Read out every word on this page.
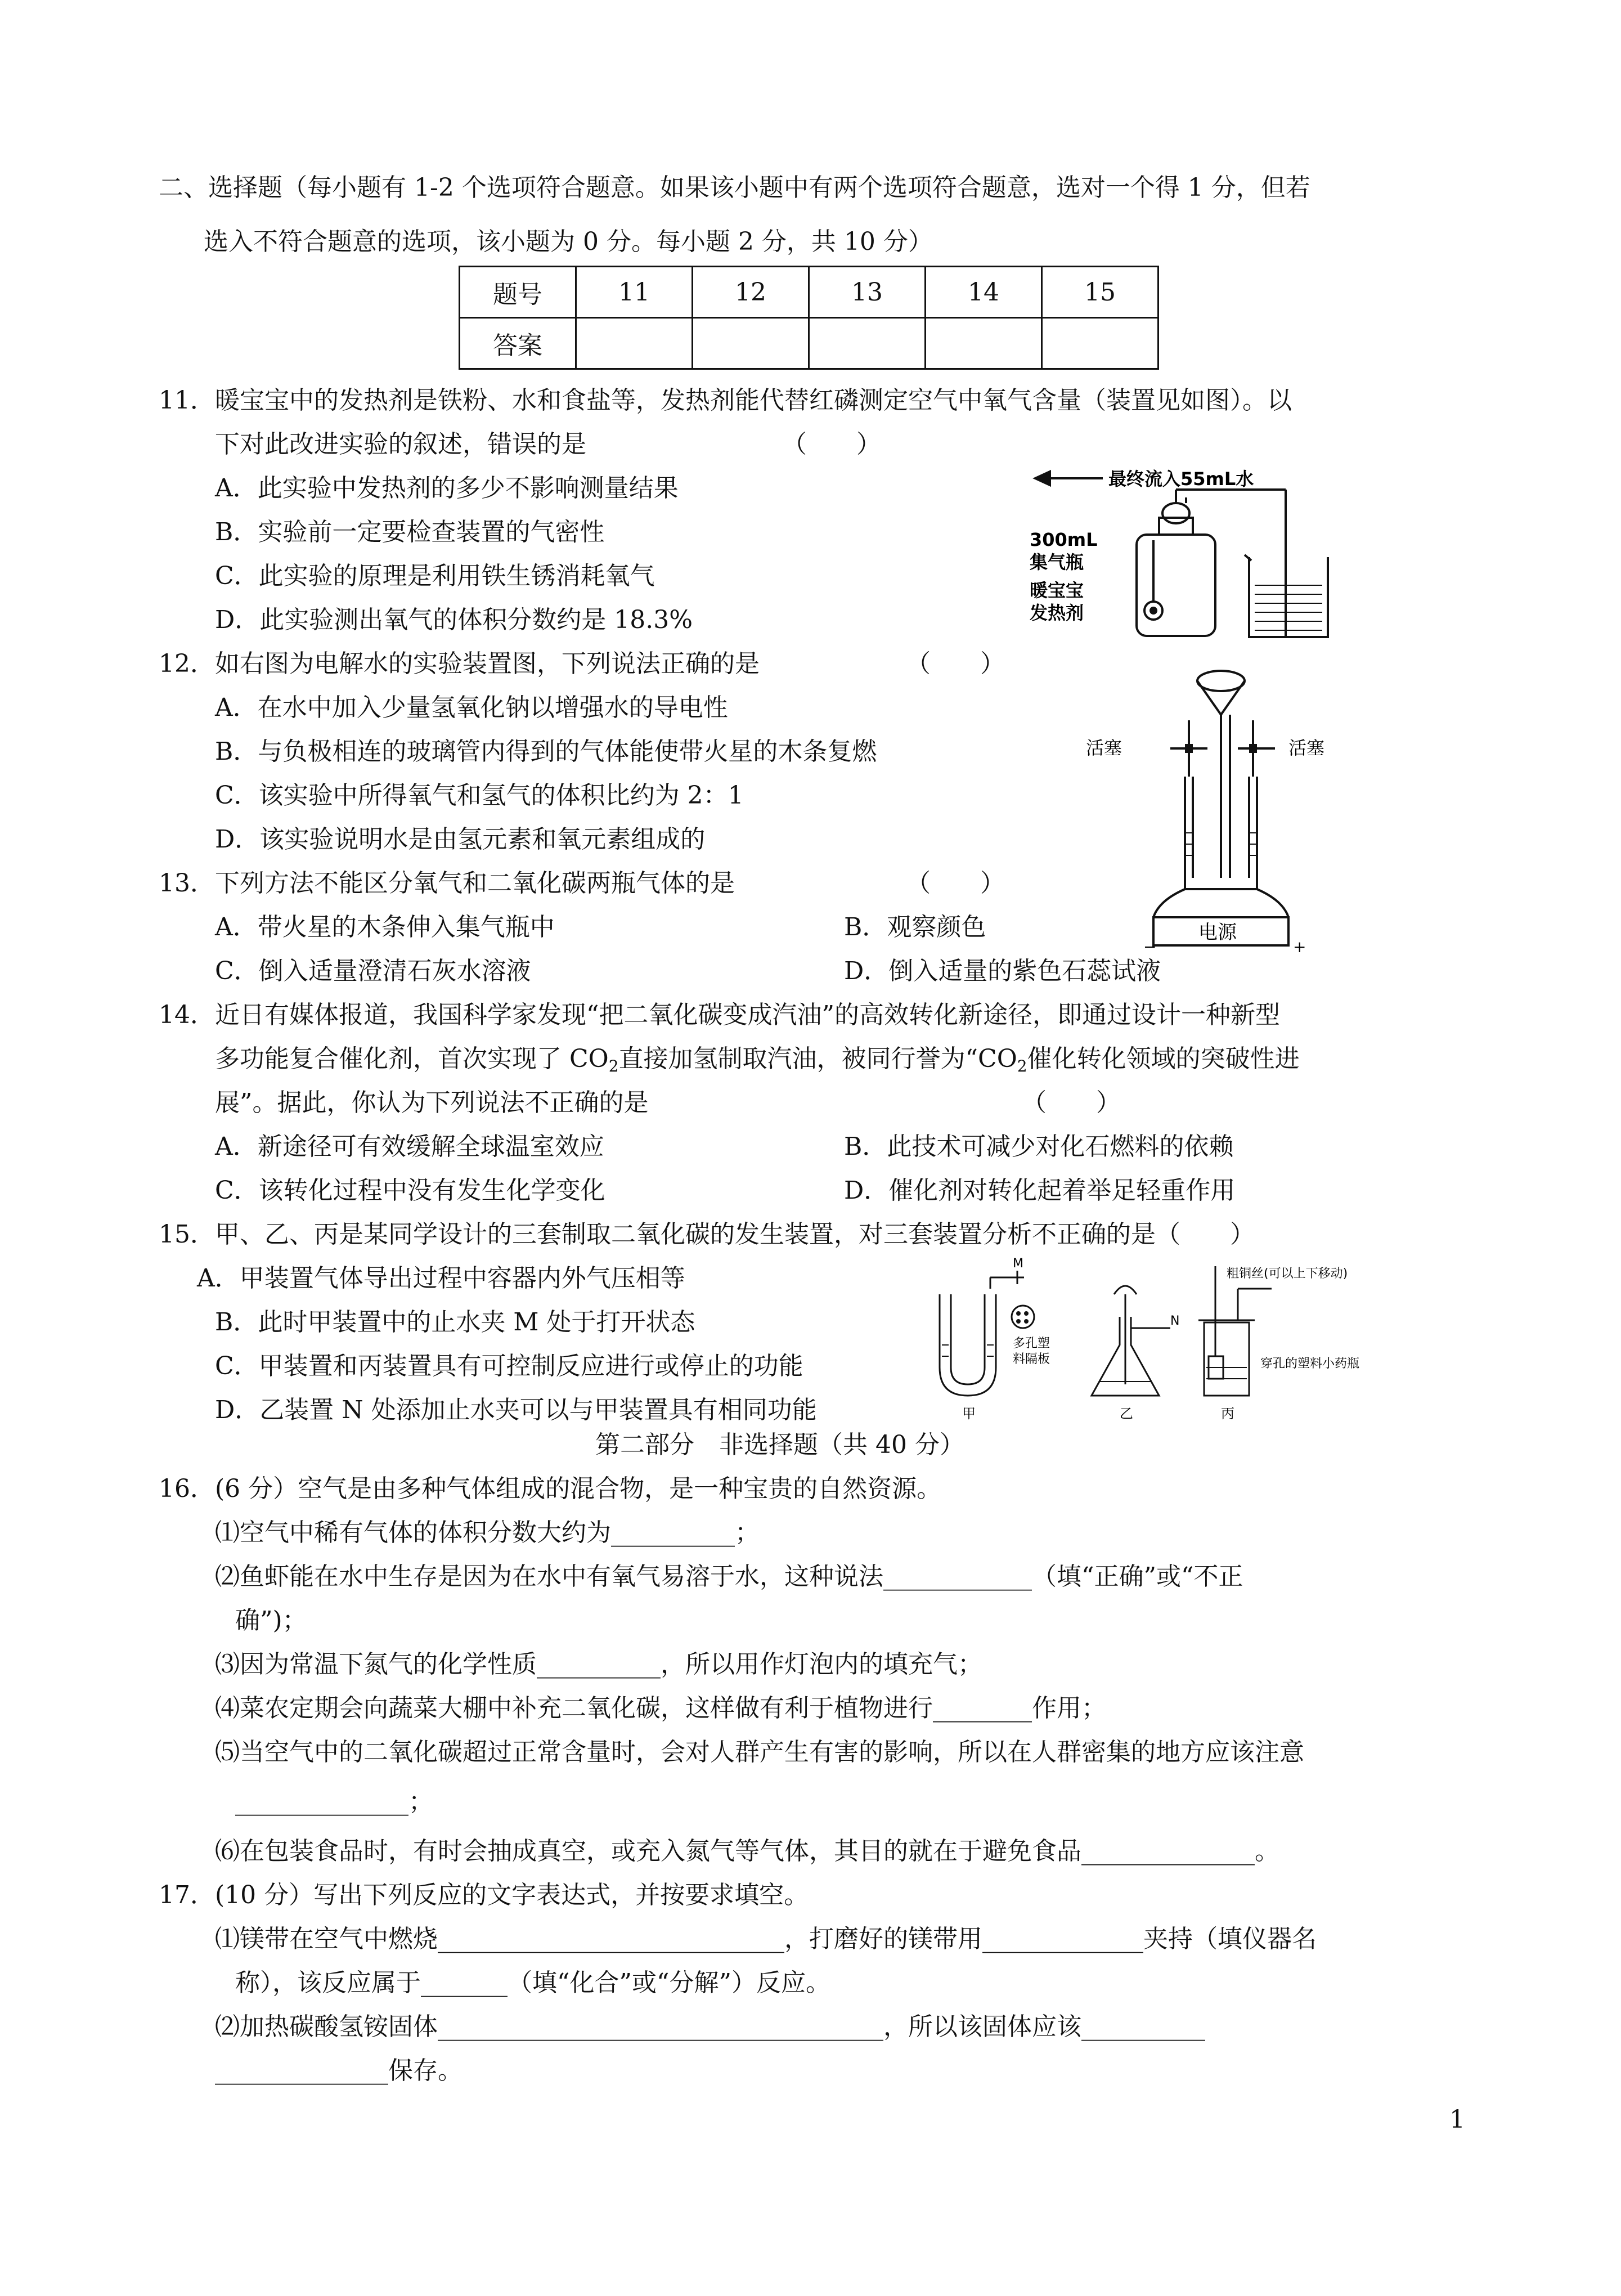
二、选择题（每小题有 1-2 个选项符合题意。如果该小题中有两个选项符合题意，选对一个得 1 分，但若
选入不符合题意的选项，该小题为 0 分。每小题 2 分，共 10 分）
题号	11	12	13	14	15
答案					
11．暖宝宝中的发热剂是铁粉、水和食盐等，发热剂能代替红磷测定空气中氧气含量（装置见如图）。以
下对此改进实验的叙述，错误的是	（　　）
A．此实验中发热剂的多少不影响测量结果
B．实验前一定要检查装置的气密性
C．此实验的原理是利用铁生锈消耗氧气
D．此实验测出氧气的体积分数约是 18.3%
最终流入55mL水
300mL
集气瓶
暖宝宝
发热剂
12．如右图为电解水的实验装置图，下列说法正确的是	（　　）
A．在水中加入少量氢氧化钠以增强水的导电性
B．与负极相连的玻璃管内得到的气体能使带火星的木条复燃
C．该实验中所得氧气和氢气的体积比约为 2：1
D．该实验说明水是由氢元素和氧元素组成的
活塞	活塞
电源
−	+
13．下列方法不能区分氧气和二氧化碳两瓶气体的是	（　　）
A．带火星的木条伸入集气瓶中	B．观察颜色
C．倒入适量澄清石灰水溶液	D．倒入适量的紫色石蕊试液
14．近日有媒体报道，我国科学家发现“把二氧化碳变成汽油”的高效转化新途径，即通过设计一种新型
多功能复合催化剂，首次实现了 $CO_2$直接加氢制取汽油，被同行誉为“$CO_2$催化转化领域的突破性进
展”。据此，你认为下列说法不正确的是	（　　）
A．新途径可有效缓解全球温室效应	B．此技术可减少对化石燃料的依赖
C．该转化过程中没有发生化学变化	D．催化剂对转化起着举足轻重作用
15．甲、乙、丙是某同学设计的三套制取二氧化碳的发生装置，对三套装置分析不正确的是（　　）
A．甲装置气体导出过程中容器内外气压相等
B．此时甲装置中的止水夹 M 处于打开状态
C．甲装置和丙装置具有可控制反应进行或停止的功能
D．乙装置 N 处添加止水夹可以与甲装置具有相同功能
M
N
多孔塑
料隔板
粗铜丝(可以上下移动)
穿孔的塑料小药瓶
甲	乙	丙
第二部分　非选择题（共 40 分）
16．(6 分）空气是由多种气体组成的混合物，是一种宝贵的自然资源。
⑴空气中稀有气体的体积分数大约为__________；
⑵鱼虾能在水中生存是因为在水中有氧气易溶于水，这种说法____________（填“正确”或“不正
确”)；
⑶因为常温下氮气的化学性质__________，所以用作灯泡内的填充气；
⑷菜农定期会向蔬菜大棚中补充二氧化碳，这样做有利于植物进行________作用；
⑸当空气中的二氧化碳超过正常含量时，会对人群产生有害的影响，所以在人群密集的地方应该注意
______________；
⑹在包装食品时，有时会抽成真空，或充入氮气等气体，其目的就在于避免食品______________。
17．(10 分）写出下列反应的文字表达式，并按要求填空。
⑴镁带在空气中燃烧____________________________，打磨好的镁带用_____________夹持（填仪器名
称），该反应属于_______（填“化合”或“分解”）反应。
⑵加热碳酸氢铵固体____________________________________，所以该固体应该__________
______________保存。
1
